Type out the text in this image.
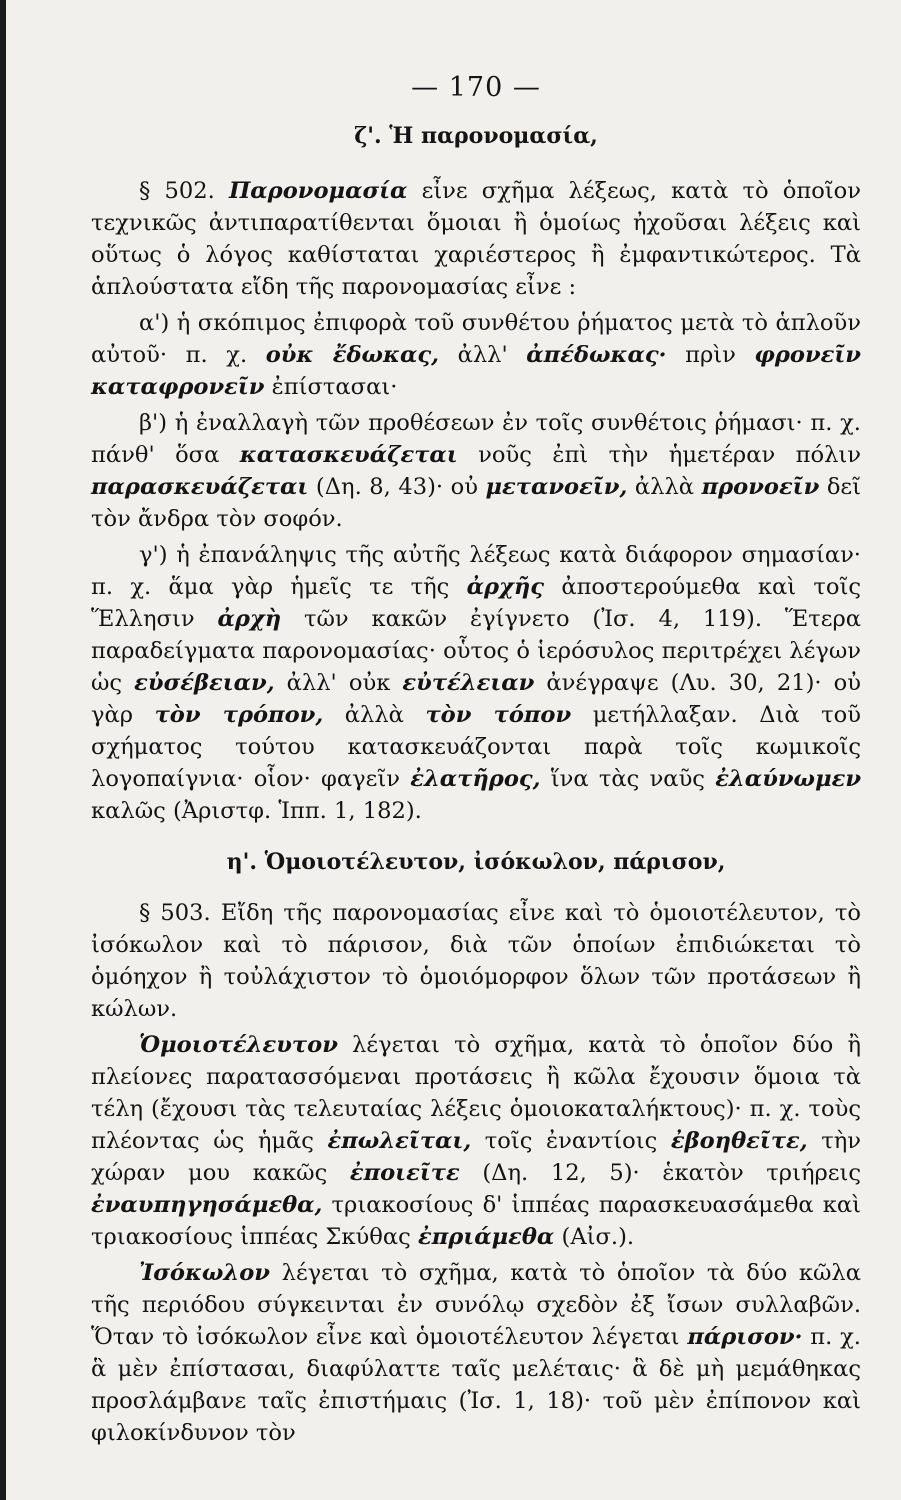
— 170 —
ζ'. Ἡ παρονομασία,

§ 502. Παρονομασία εἶνε σχῆμα λέξεως, κατὰ τὸ ὁποῖον τεχνικῶς ἀντιπαρατίθενται ὅμοιαι ἢ ὁμοίως ἠχοῦσαι λέξεις καὶ οὕτως ὁ λόγος καθίσταται χαριέστερος ἢ ἐμφαντικώτερος. Τὰ ἁπλούστατα εἴδη τῆς παρονομασίας εἶνε :

α') ἡ σκόπιμος ἐπιφορὰ τοῦ συνθέτου ῥήματος μετὰ τὸ ἁπλοῦν αὐτοῦ· π. χ. οὐκ ἔδωκας, ἀλλ' ἀπέδωκας· πρὶν φρονεῖν καταφρονεῖν ἐπίστασαι·

β') ἡ ἐναλλαγὴ τῶν προθέσεων ἐν τοῖς συνθέτοις ῥήμασι· π. χ. πάνθ' ὅσα κατασκευάζεται νοῦς ἐπὶ τὴν ἡμετέραν πόλιν παρασκευάζεται (Δη. 8, 43)· οὐ μετανοεῖν, ἀλλὰ προνοεῖν δεῖ τὸν ἄνδρα τὸν σοφόν.

γ') ἡ ἐπανάληψις τῆς αὐτῆς λέξεως κατὰ διάφορον σημασίαν· π. χ. ἅμα γὰρ ἡμεῖς τε τῆς ἀρχῆς ἀποστερούμεθα καὶ τοῖς Ἕλλησιν ἀρχὴ τῶν κακῶν ἐγίγνετο (Ἰσ. 4, 119). Ἕτερα παραδείγματα παρονομασίας· οὗτος ὁ ἱερόσυλος περιτρέχει λέγων ὡς εὐσέβειαν, ἀλλ' οὐκ εὐτέλειαν ἀνέγραψε (Λυ. 30, 21)· οὐ γὰρ τὸν τρόπον, ἀλλὰ τὸν τόπον μετήλλαξαν. Διὰ τοῦ σχήματος τούτου κατασκευάζονται παρὰ τοῖς κωμικοῖς λογοπαίγνια· οἷον· φαγεῖν ἐλατῆρος, ἵνα τὰς ναῦς ἐλαύνωμεν καλῶς (Ἀριστφ. Ἱππ. 1, 182).

η'. Ὁμοιοτέλευτον, ἰσόκωλον, πάρισον,

§ 503. Εἴδη τῆς παρονομασίας εἶνε καὶ τὸ ὁμοιοτέλευτον, τὸ ἰσόκωλον καὶ τὸ πάρισον, διὰ τῶν ὁποίων ἐπιδιώκεται τὸ ὁμόηχον ἢ τοὐλάχιστον τὸ ὁμοιόμορφον ὅλων τῶν προτάσεων ἢ κώλων.

Ὁμοιοτέλευτον λέγεται τὸ σχῆμα, κατὰ τὸ ὁποῖον δύο ἢ πλείονες παρατασσόμεναι προτάσεις ἢ κῶλα ἔχουσιν ὅμοια τὰ τέλη (ἔχουσι τὰς τελευταίας λέξεις ὁμοιοκαταλήκτους)· π. χ. τοὺς πλέοντας ὡς ἡμᾶς ἐπωλεῖται, τοῖς ἐναντίοις ἐβοηθεῖτε, τὴν χώραν μου κακῶς ἐποιεῖτε (Δη. 12, 5)· ἑκατὸν τριήρεις ἐναυπηγησάμεθα, τριακοσίους δ' ἱππέας παρασκευασάμεθα καὶ τριακοσίους ἱππέας Σκύθας ἐπριάμεθα (Αἰσ.).

Ἰσόκωλον λέγεται τὸ σχῆμα, κατὰ τὸ ὁποῖον τὰ δύο κῶλα τῆς περιόδου σύγκεινται ἐν συνόλῳ σχεδὸν ἐξ ἴσων συλλαβῶν. Ὅταν τὸ ἰσόκωλον εἶνε καὶ ὁμοιοτέλευτον λέγεται πάρισον· π. χ. ἃ μὲν ἐπίστασαι, διαφύλαττε ταῖς μελέταις· ἃ δὲ μὴ μεμάθηκας προσλάμβανε ταῖς ἐπιστήμαις (Ἰσ. 1, 18)· τοῦ μὲν ἐπίπονον καὶ φιλοκίνδυνον τὸν
